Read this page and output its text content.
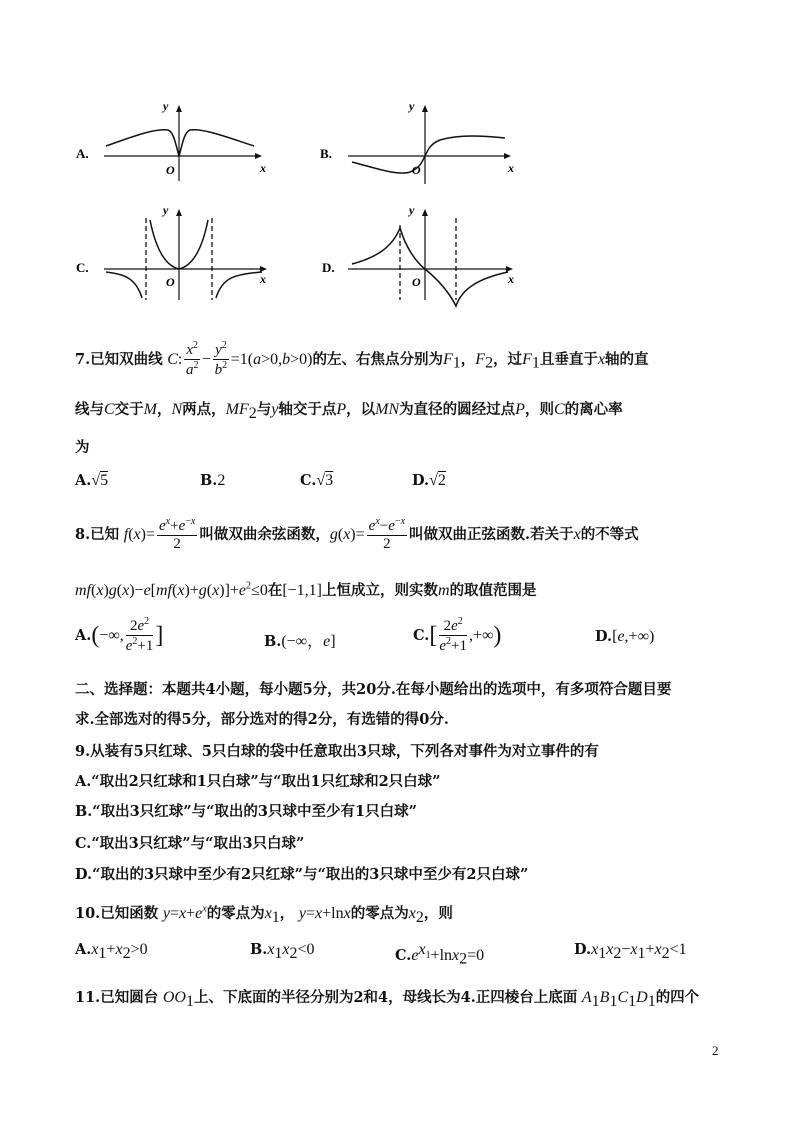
A.
O	x
y
B.
O	x
y
C.
O	x
y
D.
O	x
y
7.已知双曲线 C: $\frac{x^2}{a^2} - \frac{y^2}{b^2} =1(a>0,b>0)$的左、右焦点分别为$F_1$，$F_2$，过$F_1$且垂直于x轴的直
线与C交于M，N两点，$MF_2$与y轴交于点P，以MN为直径的圆经过点P，则C的离心率
为
A.√5	B.2	C.√3	D.√2
8.已知 $f(x)= \frac{e^x+e^{-x}}{2}$ 叫做双曲余弦函数，$g(x)= \frac{e^x-e^{-x}}{2}$ 叫做双曲正弦函数.若关于x的不等式
$mf(x)g(x)-e[mf(x)+g(x)]+e^2\le 0$在[−1,1]上恒成立，则实数m的取值范围是
A.(−∞, $\frac{2e^2}{e^2+1}$ ]	B.(−∞，e]	$C.[ \frac{2e^2}{e^2+1}$ ,+∞)	D.[e,+∞)
二、选择题：本题共4小题，每小题5分，共20分.在每小题给出的选项中，有多项符合题目要
求.全部选对的得5分，部分选对的得2分，有选错的得0分.
9.从装有5只红球、5只白球的袋中任意取出3只球，下列各对事件为对立事件的有
A.“取出2只红球和1只白球”与“取出1只红球和2只白球”
B.“取出3只红球”与“取出的3只球中至少有1只白球”
C.“取出3只红球”与“取出3只白球”
D.“取出的3只球中至少有2只红球”与“取出的3只球中至少有2只白球”
10.已知函数 $y=x+e^x$的零点为$x_1$， y=x+lnx的零点为$x_2$，则
$A.x_1+x_2>0$	$B.x_1x_2<0$	$C.e^{x_1}+\ln x_2=0$	$D.x_1x_2-x_1+x_2<1$
11.已知圆台 $OO_1$上、下底面的半径分别为2和4，母线长为4.正四棱台上底面 $A_1B_1C_1D_1$的四个
2
